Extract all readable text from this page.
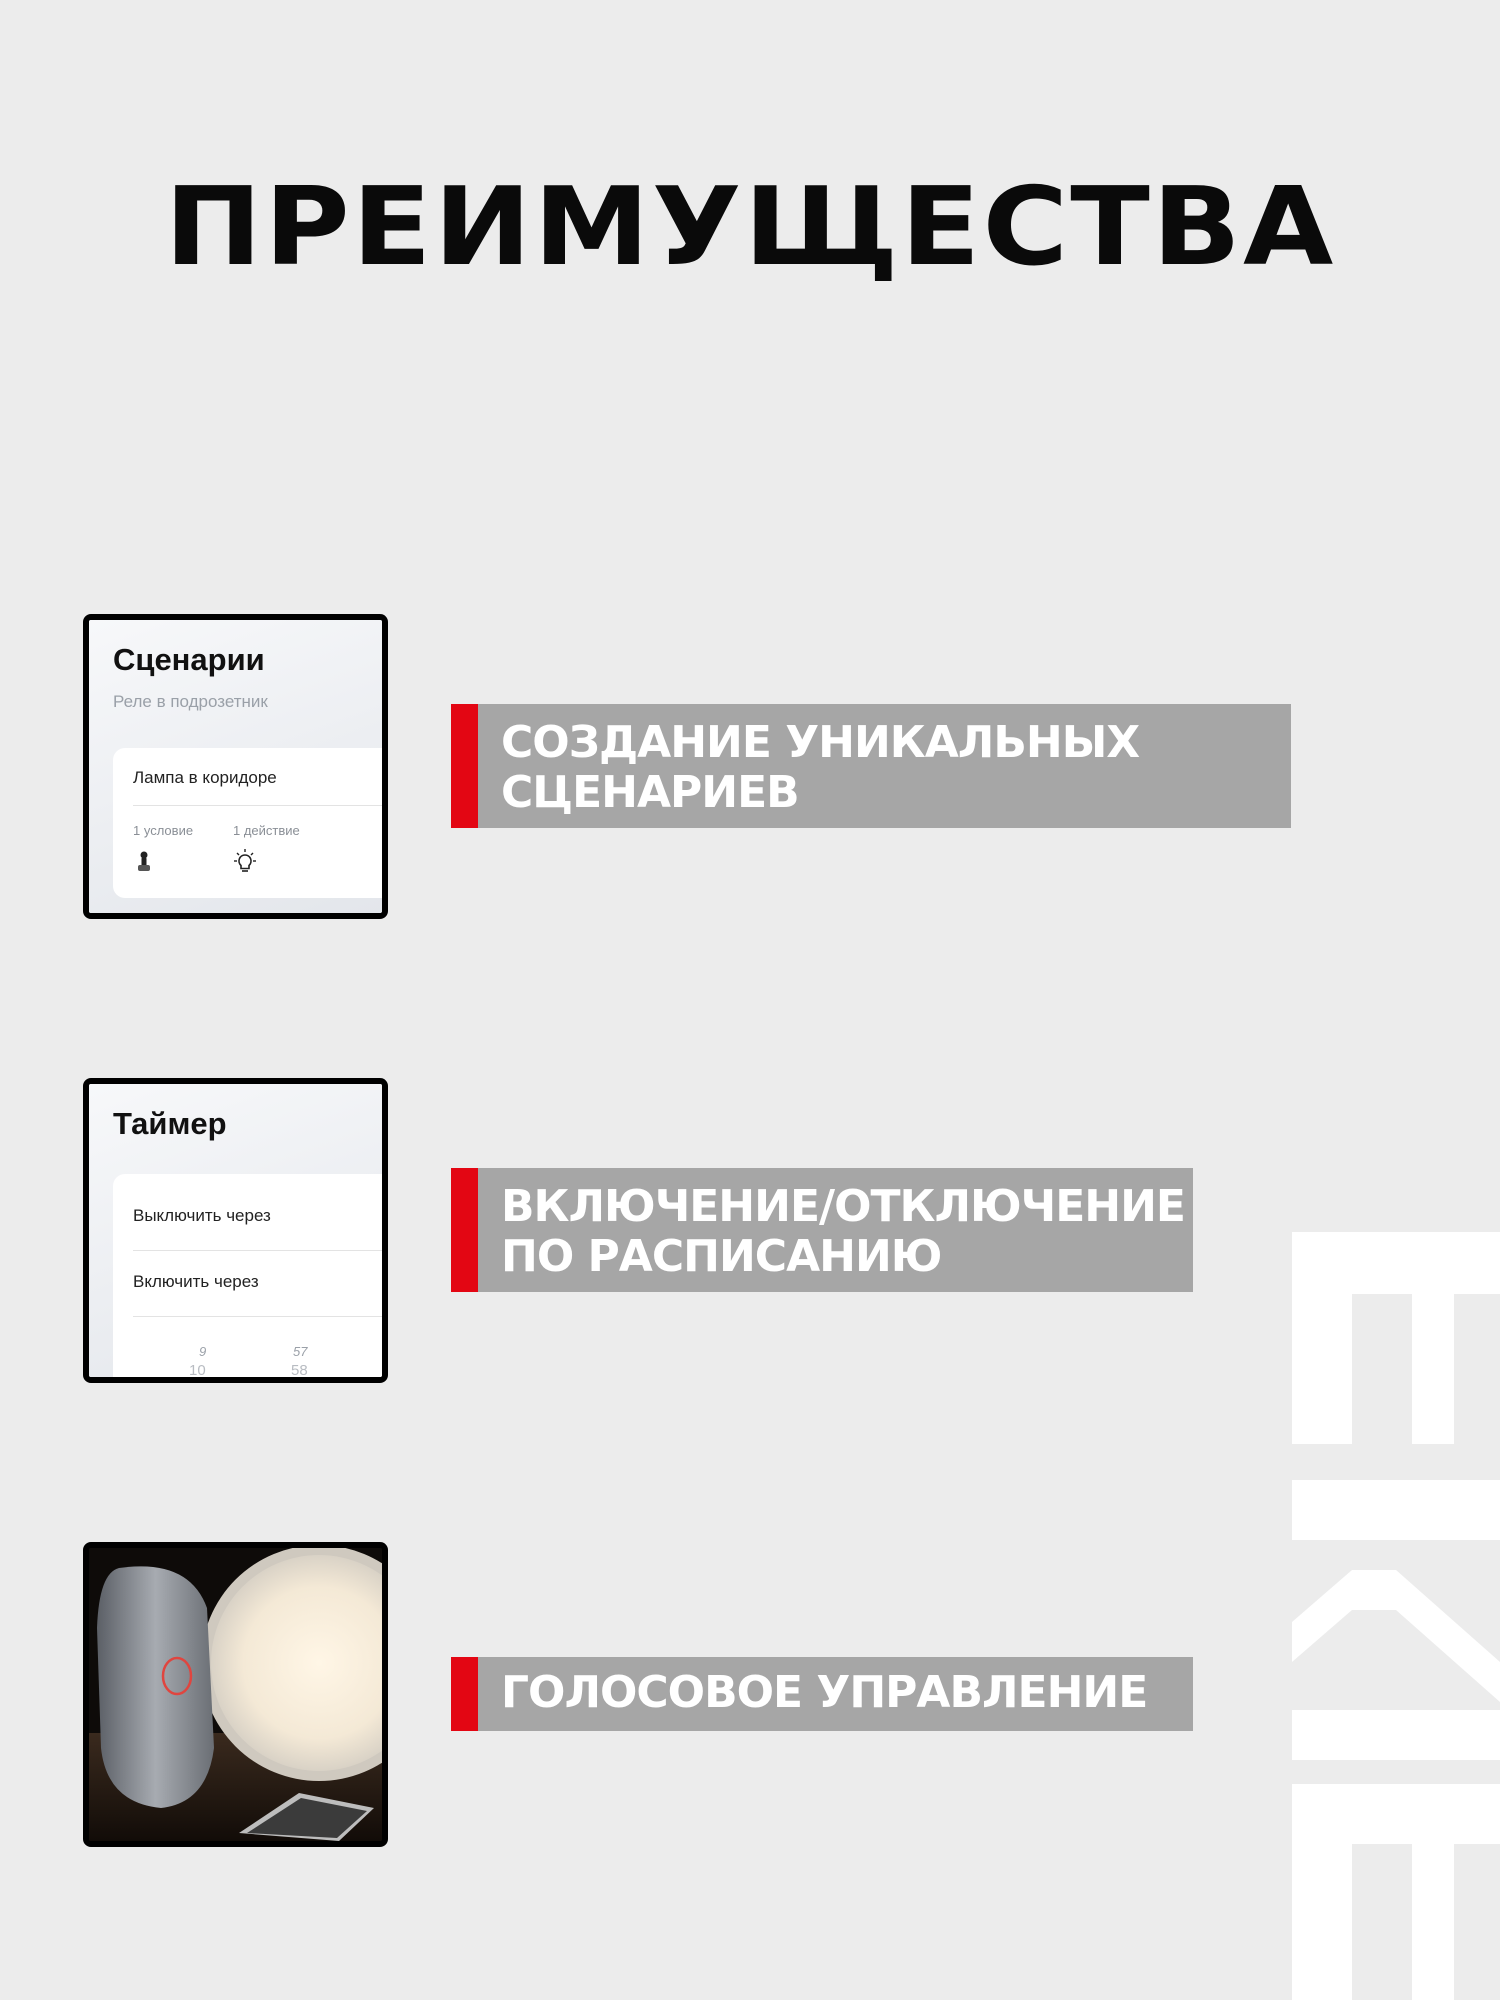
ПРЕИМУЩЕСТВА
Сценарии
Реле в подрозетник
Лампа в коридоре
1 условие	1 действие
СОЗДАНИЕ УНИКАЛЬНЫХ
СЦЕНАРИЕВ
Таймер
Выключить через
Включить через
9	57
10	58
ВКЛЮЧЕНИЕ/ОТКЛЮЧЕНИЕ
ПО РАСПИСАНИЮ
ГОЛОСОВОЕ УПРАВЛЕНИЕ
